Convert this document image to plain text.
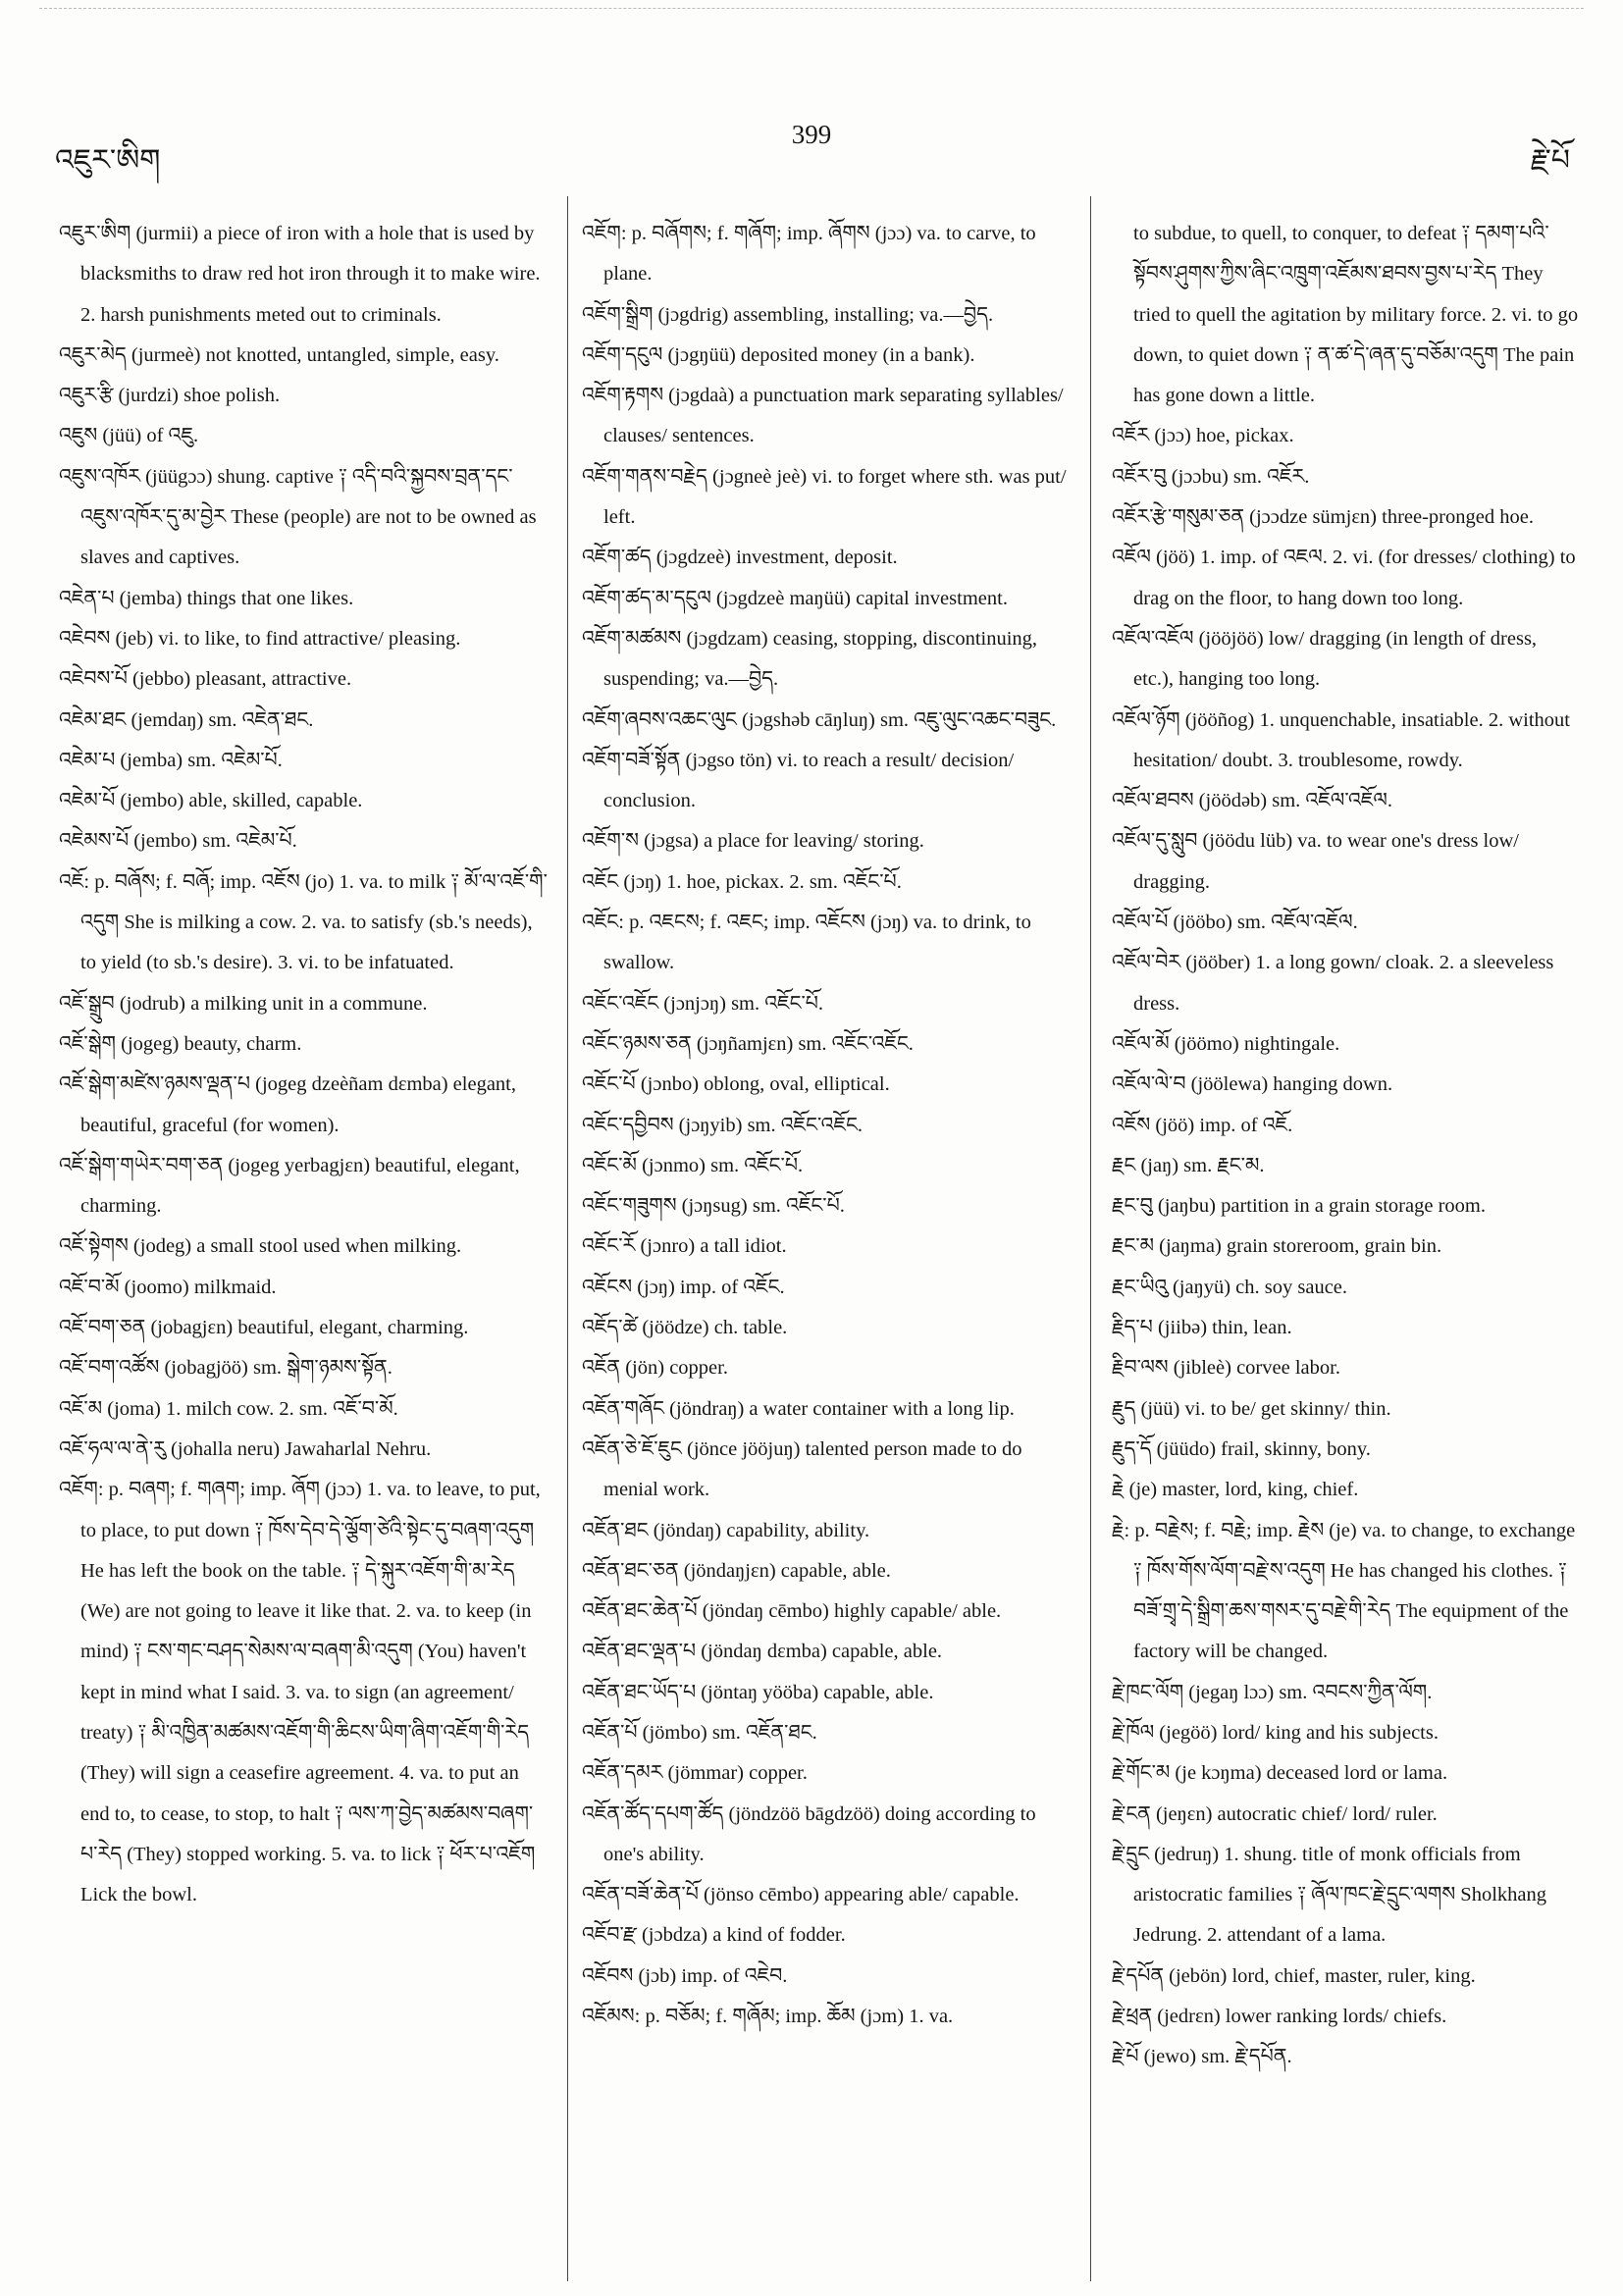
འཇུར་ཨིག
399
རྗེ་པོ

འཇུར་ཨིག (jurmii) a piece of iron with a hole that is used by blacksmiths to draw red hot iron through it to make wire. 2. harsh punishments meted out to criminals.

འཇུར་མེད (jurmeè) not knotted, untangled, simple, easy.

འཇུར་རྩི (jurdzi) shoe polish.

འཇུས (jüü) of འཇུ.

འཇུས་འཁོར (jüügɔɔ) shung. captive ༑ འདི་བའི་སྐྱབས་བྲན་དང་འཇུས་འཁོར་དུ་མ་བྱེར These (people) are not to be owned as slaves and captives.

འཇེན་པ (jemba) things that one likes.

འཇེབས (jeb) vi. to like, to find attractive/ pleasing.

འཇེབས་པོ (jebbo) pleasant, attractive.

འཇེམ་ཐང (jemdaŋ) sm. འཇེན་ཐང.

འཇེམ་པ (jemba) sm. འཇེམ་པོ.

འཇེམ་པོ (jembo) able, skilled, capable.

འཇེམས་པོ (jembo) sm. འཇེམ་པོ.

འཇོ: p. བཞོས; f. བཞོ; imp. འཇོས (jo) 1. va. to milk ༑ མོ་ལ་འཇོ་གི་འདུག She is milking a cow. 2. va. to satisfy (sb.'s needs), to yield (to sb.'s desire). 3. vi. to be infatuated.

འཇོ་སྒྲུབ (jodrub) a milking unit in a commune.

འཇོ་སྒེག (jogeg) beauty, charm.

འཇོ་སྒེག་མཛེས་ཉམས་ལྡན་པ (jogeg dzeèñam dɛmba) elegant, beautiful, graceful (for women).

འཇོ་སྒེག་གཡེར་བག་ཅན (jogeg yerbagjɛn) beautiful, elegant, charming.

འཇོ་སྟེགས (jodeg) a small stool used when milking.

འཇོ་བ་མོ (joomo) milkmaid.

འཇོ་བག་ཅན (jobagjɛn) beautiful, elegant, charming.

འཇོ་བག་འཚོས (jobagjöö) sm. སྒེག་ཉམས་སྟོན.

འཇོ་མ (joma) 1. milch cow. 2. sm. འཇོ་བ་མོ.

འཇོ་ཧལ་ལ་ནེ་རུ (johalla neru) Jawaharlal Nehru.

འཇོག: p. བཞག; f. གཞག; imp. ཞོག (jɔɔ) 1. va. to leave, to put, to place, to put down ༑ ཁོས་དེབ་དེ་ལྕོག་ཙེའི་སྟེང་དུ་བཞག་འདུག He has left the book on the table. ༑ དེ་སྐུར་འཇོག་གི་མ་རེད (We) are not going to leave it like that. 2. va. to keep (in mind) ༑ ངས་གང་བཤད་སེམས་ལ་བཞག་མི་འདུག (You) haven't kept in mind what I said. 3. va. to sign (an agreement/ treaty) ༑ མི་འཁྱིན་མཚམས་འཇོག་གི་ཆིངས་ཡིག་ཞིག་འཇོག་གི་རེད (They) will sign a ceasefire agreement. 4. va. to put an end to, to cease, to stop, to halt ༑ ལས་ཀ་བྱེད་མཚམས་བཞག་པ་རེད (They) stopped working. 5. va. to lick ༑ ཕོར་པ་འཇོག Lick the bowl.

འཇོག: p. བཞོགས; f. གཞོག; imp. ཞོགས (jɔɔ) va. to carve, to plane.

འཇོག་སྒྲིག (jɔgdrig) assembling, installing; va.—བྱེད.

འཇོག་དངུལ (jɔgŋüü) deposited money (in a bank).

འཇོག་རྟགས (jɔgdaà) a punctuation mark separating syllables/ clauses/ sentences.

འཇོག་གནས་བརྗེད (jɔgneè jeè) vi. to forget where sth. was put/ left.

འཇོག་ཚད (jɔgdzeè) investment, deposit.

འཇོག་ཚད་མ་དངུལ (jɔgdzeè maŋüü) capital investment.

འཇོག་མཚམས (jɔgdzam) ceasing, stopping, discontinuing, suspending; va.—བྱེད.

འཇོག་ཞབས་འཆང་ལུང (jɔgshəb cāŋluŋ) sm. འཇུ་ལུང་འཆང་བཟུང.

འཇོག་བཟོ་སྟོན (jɔgso tön) vi. to reach a result/ decision/ conclusion.

འཇོག་ས (jɔgsa) a place for leaving/ storing.

འཇོང (jɔŋ) 1. hoe, pickax. 2. sm. འཇོང་པོ.

འཇོང: p. འཇངས; f. འཇང; imp. འཇོངས (jɔŋ) va. to drink, to swallow.

འཇོང་འཇོང (jɔnjɔŋ) sm. འཇོང་པོ.

འཇོང་ཉམས་ཅན (jɔŋñamjɛn) sm. འཇོང་འཇོང.

འཇོང་པོ (jɔnbo) oblong, oval, elliptical.

འཇོང་དབྱིབས (jɔŋyib) sm. འཇོང་འཇོང.

འཇོང་མོ (jɔnmo) sm. འཇོང་པོ.

འཇོང་གཟུགས (jɔŋsug) sm. འཇོང་པོ.

འཇོང་རོ (jɔnro) a tall idiot.

འཇོངས (jɔŋ) imp. of འཇོང.

འཇོད་ཚེ (jöödze) ch. table.

འཇོན (jön) copper.

འཇོན་གཞོང (jöndraŋ) a water container with a long lip.

འཇོན་ཅེ་ཇོ་ཇུང (jönce jööjuŋ) talented person made to do menial work.

འཇོན་ཐང (jöndaŋ) capability, ability.

འཇོན་ཐང་ཅན (jöndaŋjɛn) capable, able.

འཇོན་ཐང་ཆེན་པོ (jöndaŋ cēmbo) highly capable/ able.

འཇོན་ཐང་ལྡན་པ (jöndaŋ dɛmba) capable, able.

འཇོན་ཐང་ཡོད་པ (jöntaŋ yööba) capable, able.

འཇོན་པོ (jömbo) sm. འཇོན་ཐང.

འཇོན་དམར (jömmar) copper.

འཇོན་ཚོད་དཔག་ཚོད (jöndzöö bāgdzöö) doing according to one's ability.

འཇོན་བཟོ་ཆེན་པོ (jönso cēmbo) appearing able/ capable.

འཇོབ་རྫ (jɔbdza) a kind of fodder.

འཇོབས (jɔb) imp. of འཇེབ.

འཇོམས: p. བཅོམ; f. གཞོམ; imp. ཆོམ (jɔm) 1. va.

to subdue, to quell, to conquer, to defeat ༑ དམག་པའི་སྟོབས་ཤུགས་ཀྱིས་ཞིང་འཁྲུག་འཇོམས་ཐབས་བྱས་པ་རེད They tried to quell the agitation by military force. 2. vi. to go down, to quiet down ༑ ན་ཚ་དེ་ཞན་དུ་བཅོམ་འདུག The pain has gone down a little.

འཇོར (jɔɔ) hoe, pickax.

འཇོར་བུ (jɔɔbu) sm. འཇོར.

འཇོར་རྩེ་གསུམ་ཅན (jɔɔdze sümjɛn) three-pronged hoe.

འཇོལ (jöö) 1. imp. of འཇལ. 2. vi. (for dresses/ clothing) to drag on the floor, to hang down too long.

འཇོལ་འཇོལ (jööjöö) low/ dragging (in length of dress, etc.), hanging too long.

འཇོལ་ཉོག (jööñog) 1. unquenchable, insatiable. 2. without hesitation/ doubt. 3. troublesome, rowdy.

འཇོལ་ཐབས (jöödəb) sm. འཇོལ་འཇོལ.

འཇོལ་དུ་སླུབ (jöödu lüb) va. to wear one's dress low/ dragging.

འཇོལ་པོ (jööbo) sm. འཇོལ་འཇོལ.

འཇོལ་བེར (jööber) 1. a long gown/ cloak. 2. a sleeveless dress.

འཇོལ་མོ (jöömo) nightingale.

འཇོལ་ལེ་བ (jöölewa) hanging down.

འཇོས (jöö) imp. of འཇོ.

རྗང (jaŋ) sm. རྗང་མ.

རྗང་བུ (jaŋbu) partition in a grain storage room.

རྗང་མ (jaŋma) grain storeroom, grain bin.

རྗང་ཡིའུ (jaŋyü) ch. soy sauce.

རྗིད་པ (jiibə) thin, lean.

རྗིབ་ལས (jibleè) corvee labor.

རྗུད (jüü) vi. to be/ get skinny/ thin.

རྗུད་དོ (jüüdo) frail, skinny, bony.

རྗེ (je) master, lord, king, chief.

རྗེ: p. བརྗེས; f. བརྗེ; imp. རྗེས (je) va. to change, to exchange ༑ ཁོས་གོས་ལོག་བརྗེ་ས་འདུག He has changed his clothes. ༑ བཟོ་གྲྭ་དེ་སྒྲིག་ཆས་གསར་དུ་བརྗེ་གི་རེད The equipment of the factory will be changed.

རྗེ་ཁང་ལོག (jegaŋ lɔɔ) sm. འབངས་ཀྱིན་ལོག.

རྗེ་ཁོལ (jegöö) lord/ king and his subjects.

རྗེ་གོང་མ (je kɔŋma) deceased lord or lama.

རྗེ་ངན (jeŋɛn) autocratic chief/ lord/ ruler.

རྗེ་དྲུང (jedruŋ) 1. shung. title of monk officials from aristocratic families ༑ ཞོལ་ཁང་རྗེ་དྲུང་ལགས Sholkhang Jedrung. 2. attendant of a lama.

རྗེ་དཔོན (jebön) lord, chief, master, ruler, king.

རྗེ་ཕྲན (jedrɛn) lower ranking lords/ chiefs.

རྗེ་པོ (jewo) sm. རྗེ་དཔོན.
